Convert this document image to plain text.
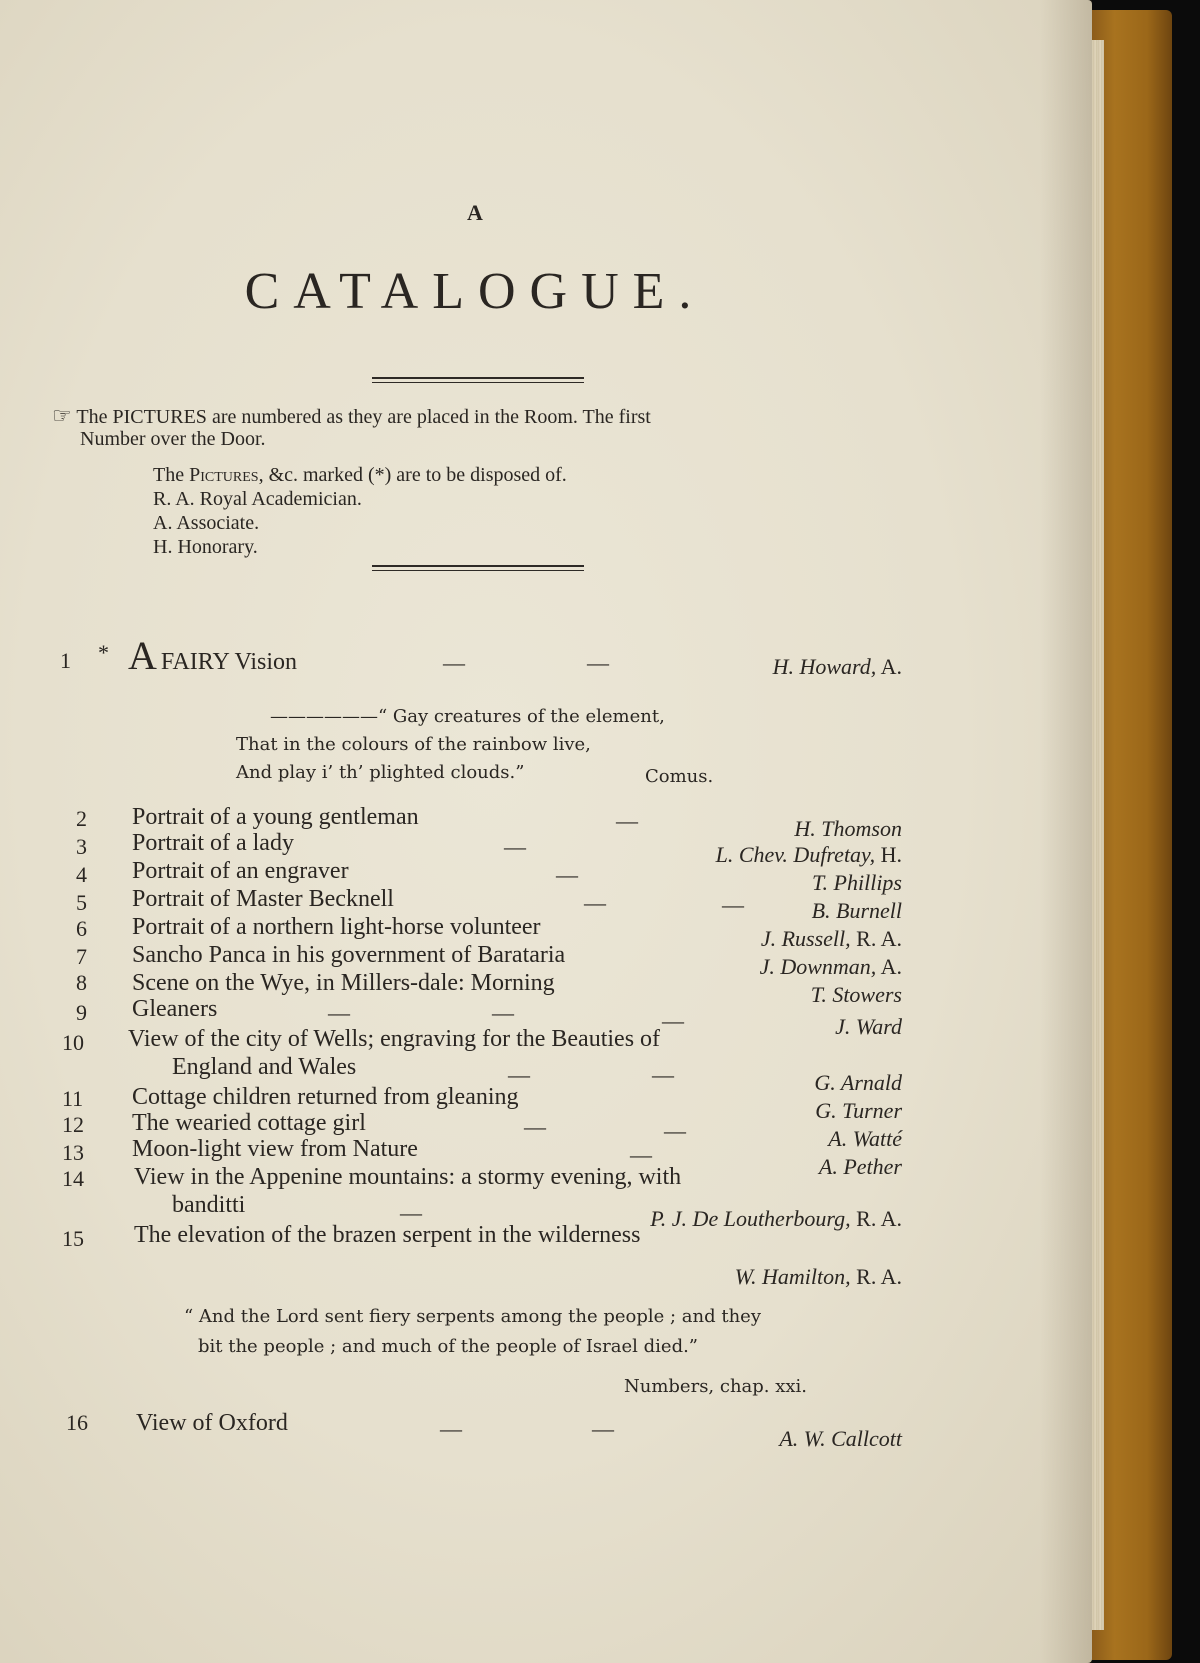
A
CATALOGUE.
☞ The PICTURES are numbered as they are placed in the Room. The first
Number over the Door.
The Pictures, &c. marked (*) are to be disposed of.
R. A. Royal Academician.
A. Associate.
H. Honorary.
1 * A FAIRY Vision	—	—	H. Howard, A.
——————“ Gay creatures of the element,
That in the colours of the rainbow live,
And play i’ th’ plighted clouds.”	Comus.
2 Portrait of a young gentleman	—	H. Thomson
3 Portrait of a lady	—	L. Chev. Dufretay, H.
4 Portrait of an engraver	—	T. Phillips
5 Portrait of Master Becknell	—	—	B. Burnell
6 Portrait of a northern light-horse volunteer	J. Russell, R. A.
7 Sancho Panca in his government of Barataria	J. Downman, A.
8 Scene on the Wye, in Millers-dale: Morning	T. Stowers
9 Gleaners	—	—	—	J. Ward
10 View of the city of Wells; engraving for the Beauties of
England and Wales	—	—	G. Arnald
11 Cottage children returned from gleaning
G. Turner
12 The wearied cottage girl	—	—	A. Watté
13 Moon-light view from Nature	—	A. Pether
14 View in the Appenine mountains: a stormy evening, with
banditti	—	P. J. De Loutherbourg, R. A.
15 The elevation of the brazen serpent in the wilderness
W. Hamilton, R. A.
“ And the Lord sent fiery serpents among the people ; and they
bit the people ; and much of the people of Israel died.”
Numbers, chap. xxi.
16 View of Oxford	—	—	A. W. Callcott
